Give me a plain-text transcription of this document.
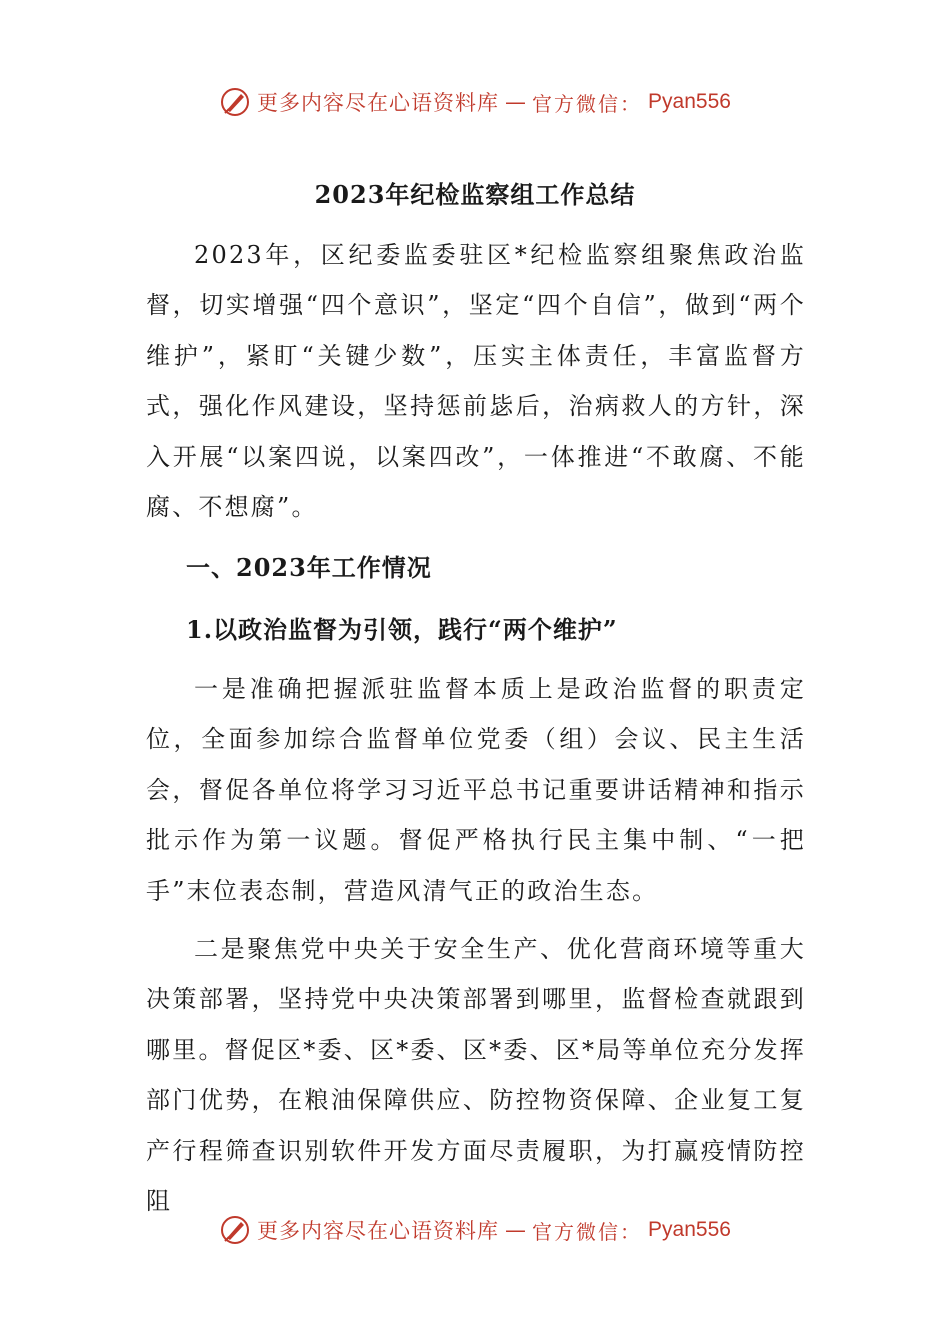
更多内容尽在心语资料库 — 官方微信： Pyan556
2023年纪检监察组工作总结

2023年，区纪委监委驻区*纪检监察组聚焦政治监督，切实增强“四个意识”，坚定“四个自信”，做到“两个维护”，紧盯“关键少数”，压实主体责任，丰富监督方式，强化作风建设，坚持惩前毖后，治病救人的方针，深入开展“以案四说，以案四改”，一体推进“不敢腐、不能腐、不想腐”。

一、2023年工作情况
1.以政治监督为引领，践行“两个维护”

一是准确把握派驻监督本质上是政治监督的职责定位，全面参加综合监督单位党委（组）会议、民主生活会，督促各单位将学习习近平总书记重要讲话精神和指示批示作为第一议题。督促严格执行民主集中制、“一把手”末位表态制，营造风清气正的政治生态。

二是聚焦党中央关于安全生产、优化营商环境等重大决策部署，坚持党中央决策部署到哪里，监督检查就跟到哪里。督促区*委、区*委、区*委、区*局等单位充分发挥部门优势，在粮油保障供应、防控物资保障、企业复工复产行程筛查识别软件开发方面尽责履职，为打赢疫情防控阻

更多内容尽在心语资料库 — 官方微信： Pyan556
